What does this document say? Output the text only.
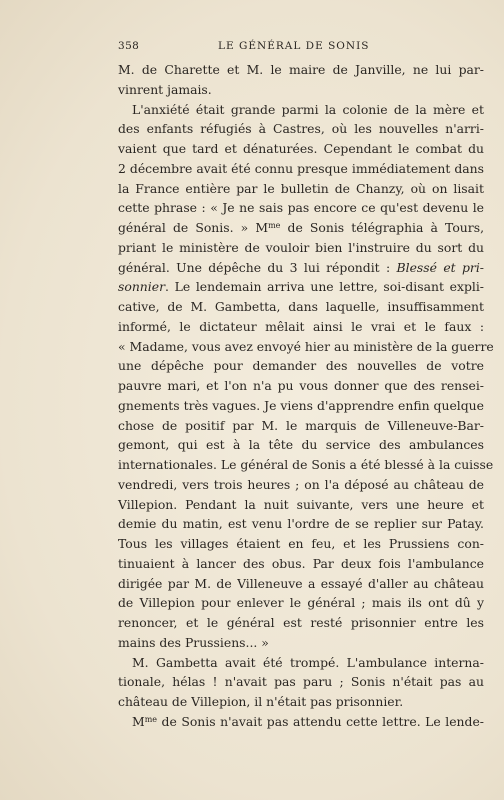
358	LE GÉNÉRAL DE SONIS
M. de Charette et M. le maire de Janville, ne lui par-
vinrent jamais.
L'anxiété était grande parmi la colonie de la mère et
des enfants réfugiés à Castres, où les nouvelles n'arri-
vaient que tard et dénaturées. Cependant le combat du
2 décembre avait été connu presque immédiatement dans
la France entière par le bulletin de Chanzy, où on lisait
cette phrase : « Je ne sais pas encore ce qu'est devenu le
général de Sonis. » $M^{me}$ de Sonis télégraphia à Tours,
priant le ministère de vouloir bien l'instruire du sort du
général. Une dépêche du 3 lui répondit : Blessé et pri-
sonnier. Le lendemain arriva une lettre, soi-disant expli-
cative, de M. Gambetta, dans laquelle, insuffisamment
informé, le dictateur mêlait ainsi le vrai et le faux :
« Madame, vous avez envoyé hier au ministère de la guerre
une dépêche pour demander des nouvelles de votre
pauvre mari, et l'on n'a pu vous donner que des rensei-
gnements très vagues. Je viens d'apprendre enfin quelque
chose de positif par M. le marquis de Villeneuve-Bar-
gemont, qui est à la tête du service des ambulances
internationales. Le général de Sonis a été blessé à la cuisse
vendredi, vers trois heures ; on l'a déposé au château de
Villepion. Pendant la nuit suivante, vers une heure et
demie du matin, est venu l'ordre de se replier sur Patay.
Tous les villages étaient en feu, et les Prussiens con-
tinuaient à lancer des obus. Par deux fois l'ambulance
dirigée par M. de Villeneuve a essayé d'aller au château
de Villepion pour enlever le général ; mais ils ont dû y
renoncer, et le général est resté prisonnier entre les
mains des Prussiens... »
M. Gambetta avait été trompé. L'ambulance interna-
tionale, hélas ! n'avait pas paru ; Sonis n'était pas au
château de Villepion, il n'était pas prisonnier.
$M^{me}$ de Sonis n'avait pas attendu cette lettre. Le lende-
